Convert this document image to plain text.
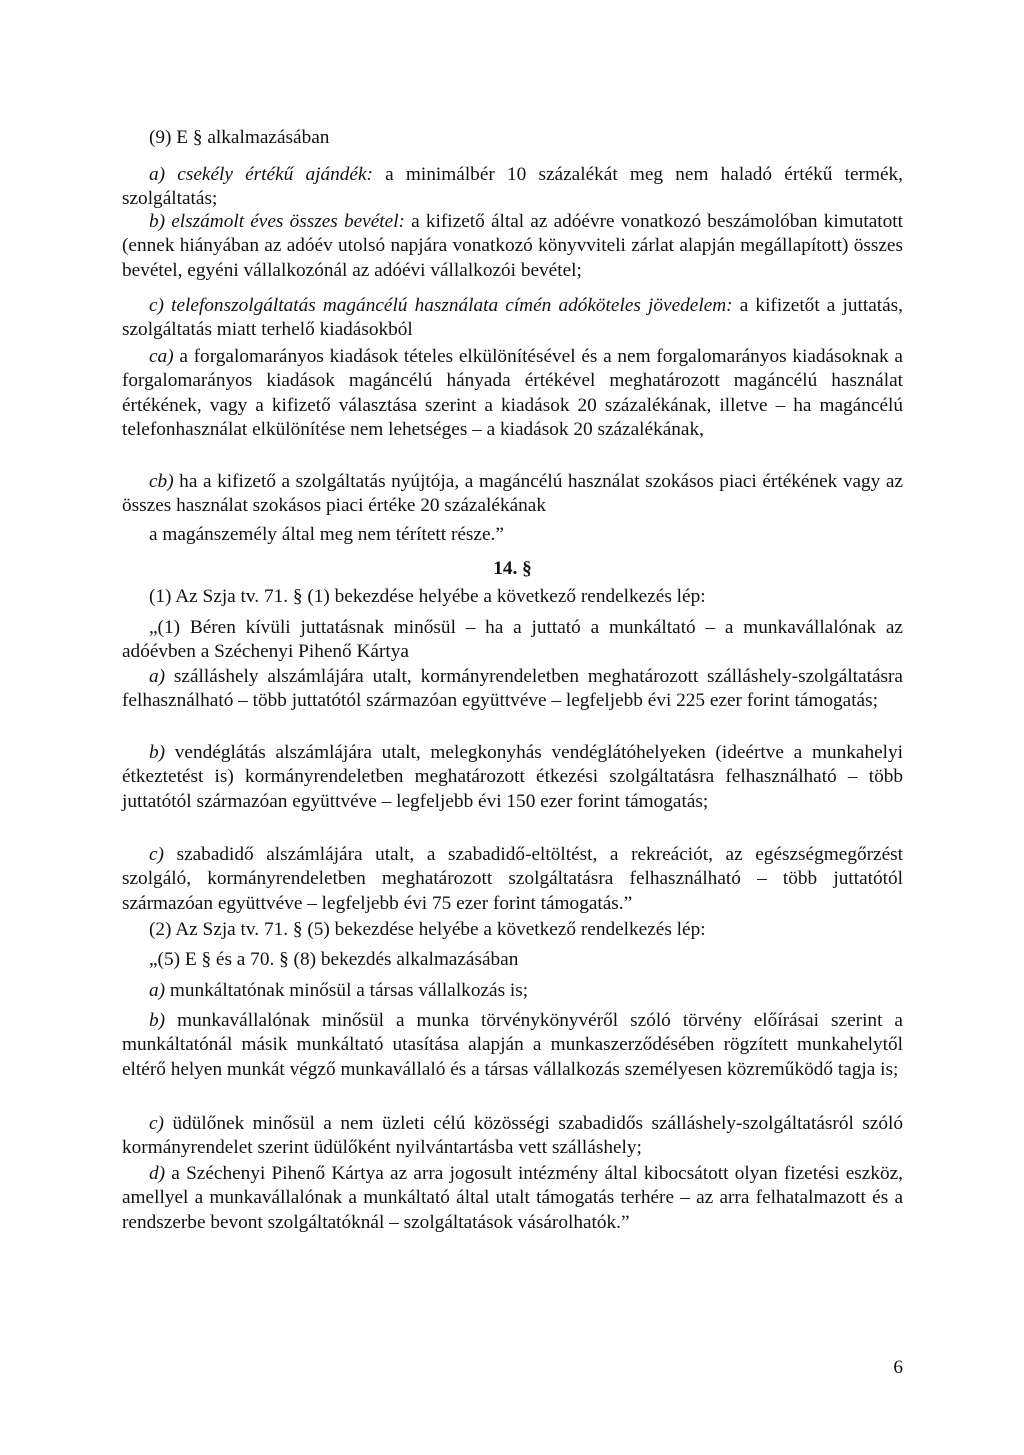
(9) E § alkalmazásában

a) csekély értékű ajándék: a minimálbér 10 százalékát meg nem haladó értékű termék, szolgáltatás;

b) elszámolt éves összes bevétel: a kifizető által az adóévre vonatkozó beszámolóban kimutatott (ennek hiányában az adóév utolsó napjára vonatkozó könyvviteli zárlat alapján megállapított) összes bevétel, egyéni vállalkozónál az adóévi vállalkozói bevétel;

c) telefonszolgáltatás magáncélú használata címén adóköteles jövedelem: a kifizetőt a juttatás, szolgáltatás miatt terhelő kiadásokból

ca) a forgalomarányos kiadások tételes elkülönítésével és a nem forgalomarányos kiadásoknak a forgalomarányos kiadások magáncélú hányada értékével meghatározott magáncélú használat értékének, vagy a kifizető választása szerint a kiadások 20 százalékának, illetve – ha magáncélú telefonhasználat elkülönítése nem lehetséges – a kiadások 20 százalékának,

cb) ha a kifizető a szolgáltatás nyújtója, a magáncélú használat szokásos piaci értékének vagy az összes használat szokásos piaci értéke 20 százalékának

a magánszemély által meg nem térített része.”

14. §

(1) Az Szja tv. 71. § (1) bekezdése helyébe a következő rendelkezés lép:

„(1) Béren kívüli juttatásnak minősül – ha a juttató a munkáltató – a munkavállalónak az adóévben a Széchenyi Pihenő Kártya

a) szálláshely alszámlájára utalt, kormányrendeletben meghatározott szálláshely-szolgáltatásra felhasználható – több juttatótól származóan együttvéve – legfeljebb évi 225 ezer forint támogatás;

b) vendéglátás alszámlájára utalt, melegkonyhás vendéglátóhelyeken (ideértve a munkahelyi étkeztetést is) kormányrendeletben meghatározott étkezési szolgáltatásra felhasználható – több juttatótól származóan együttvéve – legfeljebb évi 150 ezer forint támogatás;

c) szabadidő alszámlájára utalt, a szabadidő-eltöltést, a rekreációt, az egészségmegőrzést szolgáló, kormányrendeletben meghatározott szolgáltatásra felhasználható – több juttatótól származóan együttvéve – legfeljebb évi 75 ezer forint támogatás.”

(2) Az Szja tv. 71. § (5) bekezdése helyébe a következő rendelkezés lép:

„(5) E § és a 70. § (8) bekezdés alkalmazásában

a) munkáltatónak minősül a társas vállalkozás is;

b) munkavállalónak minősül a munka törvénykönyvéről szóló törvény előírásai szerint a munkáltatónál másik munkáltató utasítása alapján a munkaszerződésében rögzített munkahelytől eltérő helyen munkát végző munkavállaló és a társas vállalkozás személyesen közreműködő tagja is;

c) üdülőnek minősül a nem üzleti célú közösségi szabadidős szálláshely-szolgáltatásról szóló kormányrendelet szerint üdülőként nyilvántartásba vett szálláshely;

d) a Széchenyi Pihenő Kártya az arra jogosult intézmény által kibocsátott olyan fizetési eszköz, amellyel a munkavállalónak a munkáltató által utalt támogatás terhére – az arra felhatalmazott és a rendszerbe bevont szolgáltatóknál – szolgáltatások vásárolhatók.”

6
